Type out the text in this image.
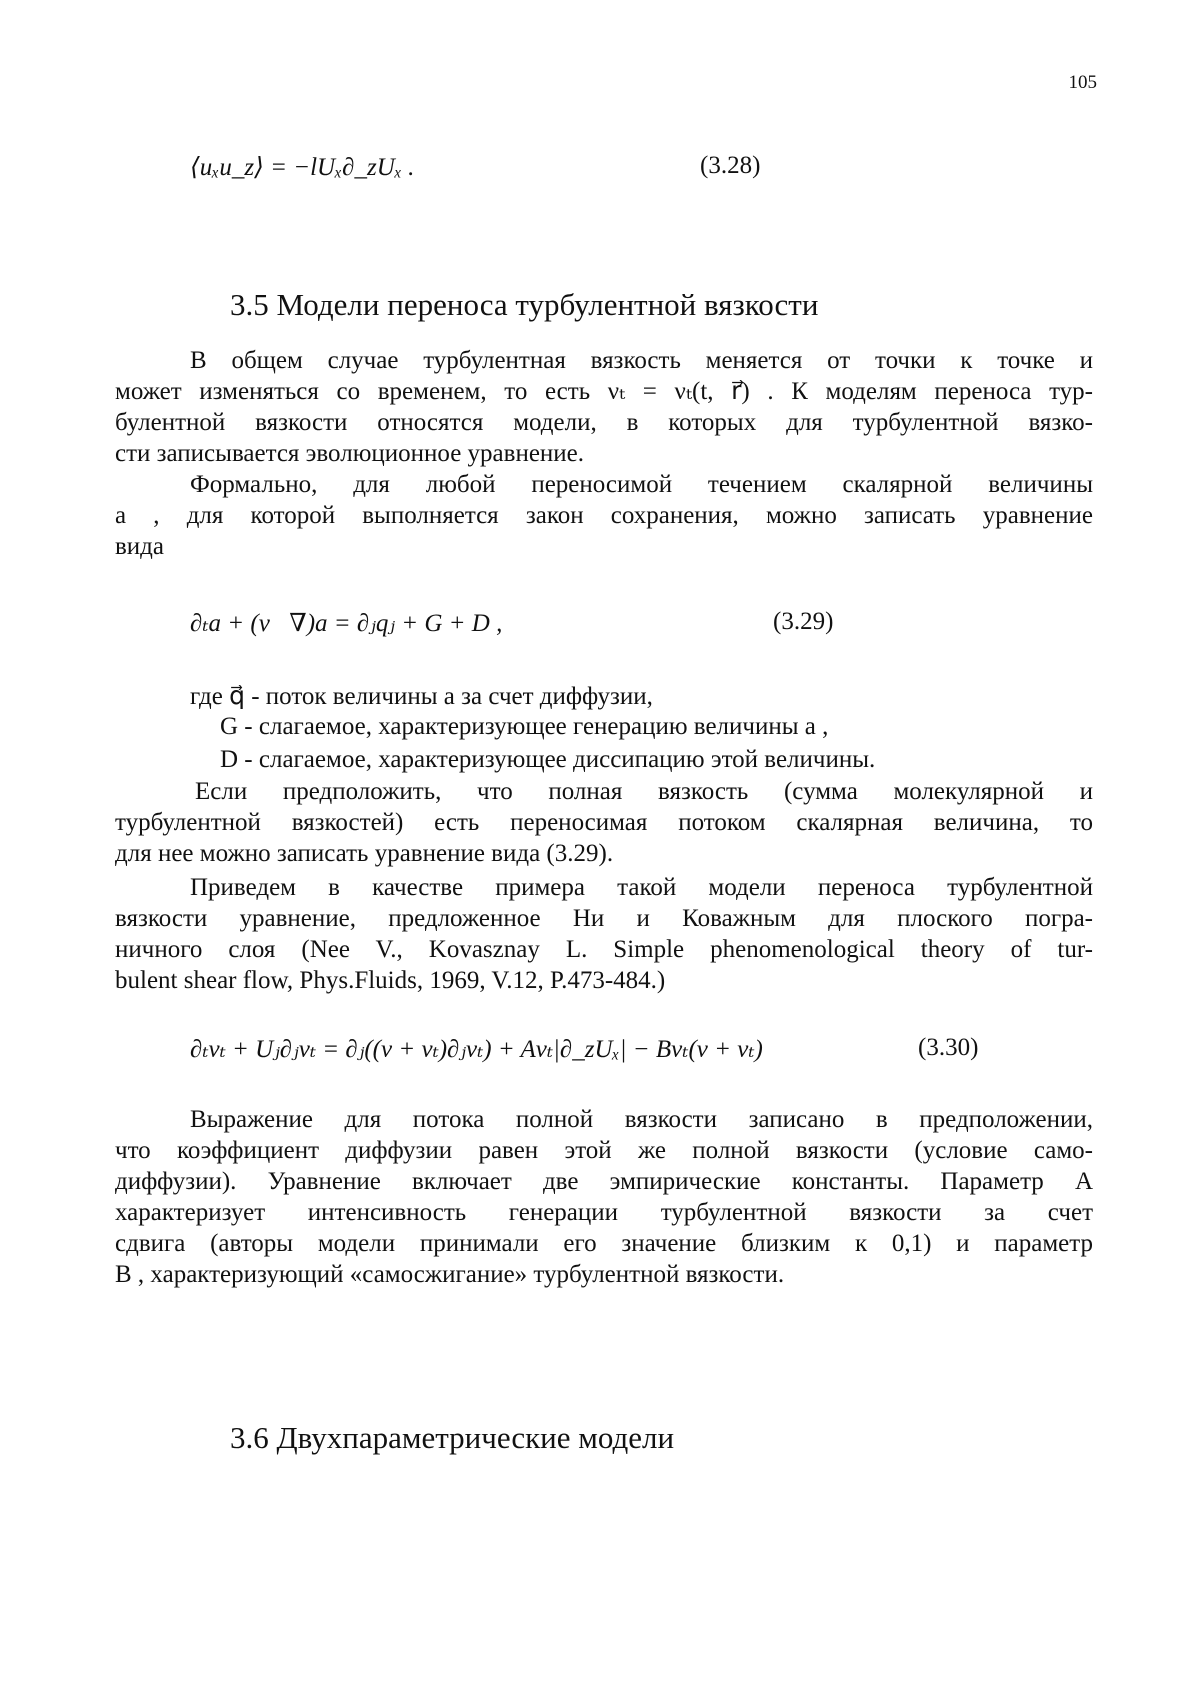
105
⟨uₓu_z⟩ = −lUₓ∂_zUₓ .	(3.28)
3.5 Модели переноса турбулентной вязкости
В общем случае турбулентная вязкость меняется от точки к точке и
может изменяться со временем, то есть νₜ = νₜ(t, r⃗) . К моделям переноса тур-
булентной вязкости относятся модели, в которых для турбулентной вязко-
сти записывается эволюционное уравнение.
Формально, для любой переносимой течением скалярной величины
a , для которой выполняется закон сохранения, можно записать уравнение
вида
∂ₜa + (v⃗∇)a = ∂ⱼqⱼ + G + D ,	(3.29)
где q⃗ - поток величины a за счет диффузии,
G - слагаемое, характеризующее генерацию величины a ,
D - слагаемое, характеризующее диссипацию этой величины.
Если предположить, что полная вязкость (сумма молекулярной и
турбулентной вязкостей) есть переносимая потоком скалярная величина, то
для нее можно записать уравнение вида (3.29).
Приведем в качестве примера такой модели переноса турбулентной
вязкости уравнение, предложенное Ни и Коважным для плоского погра-
ничного слоя (Nee V., Kovasznay L. Simple phenomenological theory of tur-
bulent shear flow, Phys.Fluids, 1969, V.12, P.473-484.)
∂ₜνₜ + Uⱼ∂ⱼνₜ = ∂ⱼ((ν + νₜ)∂ⱼνₜ) + Aνₜ|∂_zUₓ| − Bνₜ(ν + νₜ)	(3.30)
Выражение для потока полной вязкости записано в предположении,
что коэффициент диффузии равен этой же полной вязкости (условие само-
диффузии). Уравнение включает две эмпирические константы. Параметр A
характеризует интенсивность генерации турбулентной вязкости за счет
сдвига (авторы модели принимали его значение близким к 0,1) и параметр
B , характеризующий «самосжигание» турбулентной вязкости.
3.6 Двухпараметрические модели
